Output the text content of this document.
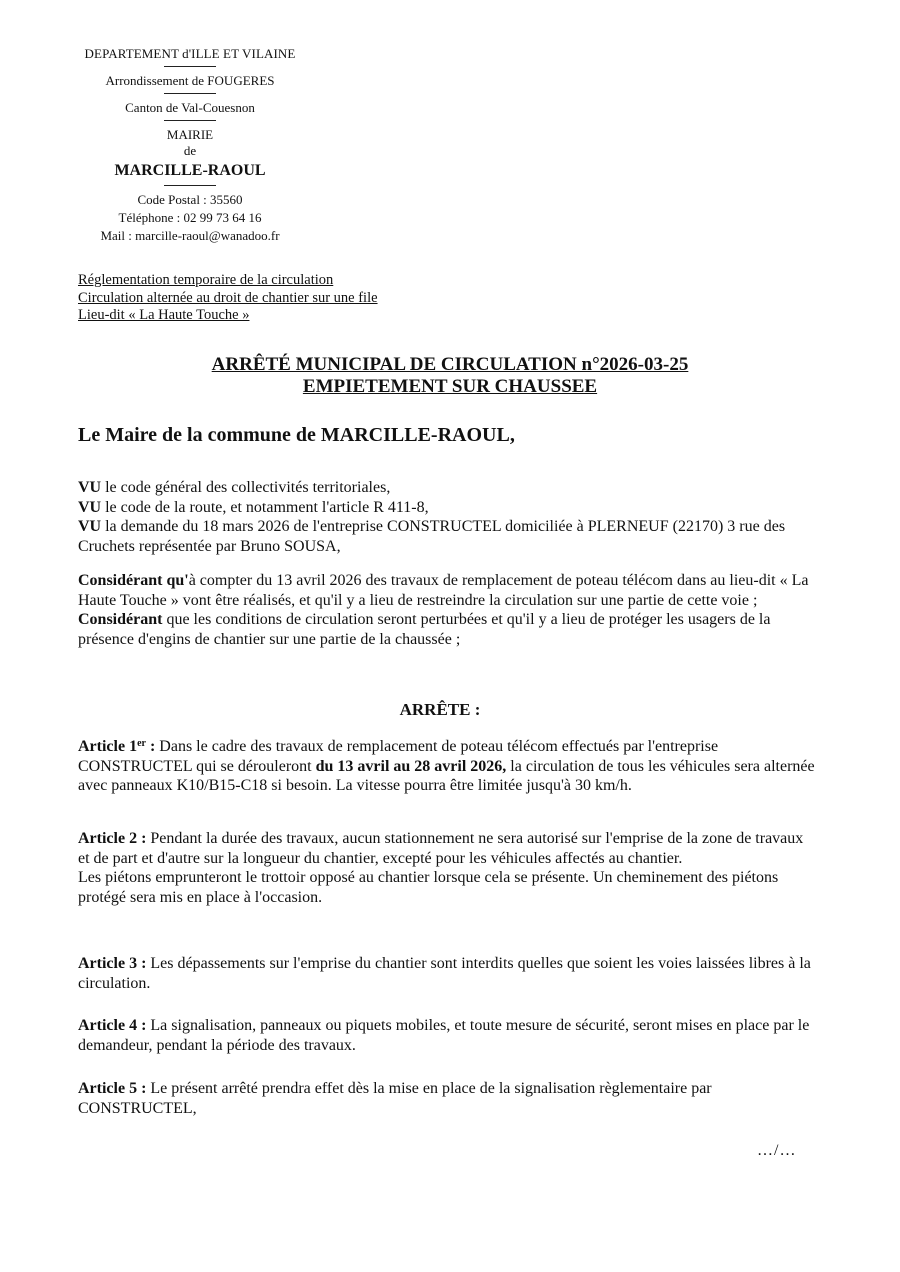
DEPARTEMENT d'ILLE ET VILAINE
Arrondissement de FOUGERES
Canton de Val-Couesnon
MAIRIE
de
MARCILLE-RAOUL
Code Postal : 35560
Téléphone : 02 99 73 64 16
Mail : marcille-raoul@wanadoo.fr
Réglementation temporaire de la circulation
Circulation alternée au droit de chantier sur une file
Lieu-dit « La Haute Touche »
ARRÊTÉ MUNICIPAL DE CIRCULATION n°2026-03-25
EMPIETEMENT SUR CHAUSSEE
Le Maire de la commune de MARCILLE-RAOUL,

VU le code général des collectivités territoriales,

VU le code de la route, et notamment l'article R 411-8,

VU la demande du 18 mars 2026 de l'entreprise CONSTRUCTEL domiciliée à PLERNEUF (22170) 3 rue des Cruchets représentée par Bruno SOUSA,

Considérant qu'à compter du 13 avril 2026 des travaux de remplacement de poteau télécom dans au lieu-dit « La Haute Touche » vont être réalisés, et qu'il y a lieu de restreindre la circulation sur une partie de cette voie ;

Considérant que les conditions de circulation seront perturbées et qu'il y a lieu de protéger les usagers de la présence d'engins de chantier sur une partie de la chaussée ;

ARRÊTE :

Article 1er : Dans le cadre des travaux de remplacement de poteau télécom effectués par l'entreprise CONSTRUCTEL qui se dérouleront du 13 avril au 28 avril 2026, la circulation de tous les véhicules sera alternée avec panneaux K10/B15-C18 si besoin. La vitesse pourra être limitée jusqu'à 30 km/h.

Article 2 : Pendant la durée des travaux, aucun stationnement ne sera autorisé sur l'emprise de la zone de travaux et de part et d'autre sur la longueur du chantier, excepté pour les véhicules affectés au chantier.

Les piétons emprunteront le trottoir opposé au chantier lorsque cela se présente. Un cheminement des piétons protégé sera mis en place à l'occasion.

Article 3 : Les dépassements sur l'emprise du chantier sont interdits quelles que soient les voies laissées libres à la circulation.

Article 4 : La signalisation, panneaux ou piquets mobiles, et toute mesure de sécurité, seront mises en place par le demandeur, pendant la période des travaux.

Article 5 : Le présent arrêté prendra effet dès la mise en place de la signalisation règlementaire par CONSTRUCTEL,

…/…
